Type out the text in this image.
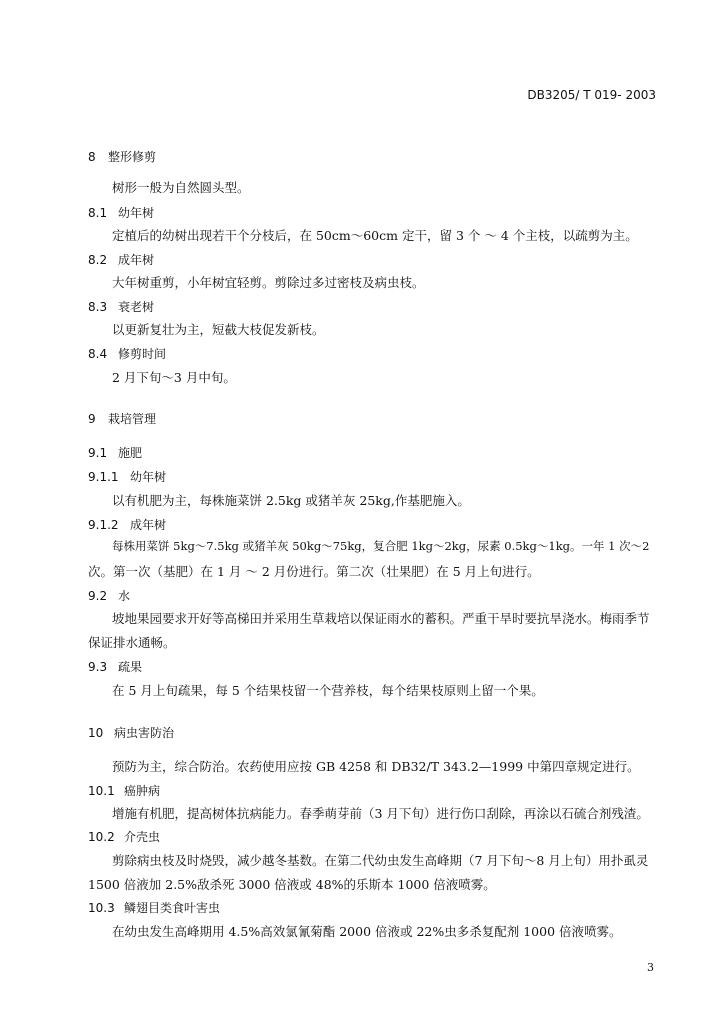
DB3205/ T 019- 2003
8 整形修剪
树形一般为自然圆头型。
8.1 幼年树
定植后的幼树出现若干个分枝后，在 50cm～60cm 定干，留 3 个 ～ 4 个主枝，以疏剪为主。
8.2 成年树
大年树重剪，小年树宜轻剪。剪除过多过密枝及病虫枝。
8.3 衰老树
以更新复壮为主，短截大枝促发新枝。
8.4 修剪时间
2 月下旬～3 月中旬。
9 栽培管理
9.1 施肥
9.1.1 幼年树
以有机肥为主，每株施菜饼 2.5kg 或猪羊灰 25kg,作基肥施入。
9.1.2 成年树
每株用菜饼 5kg～7.5kg 或猪羊灰 50kg～75kg，复合肥 1kg～2kg，尿素 0.5kg～1kg。一年 1 次～2
次。第一次（基肥）在 1 月 ～ 2 月份进行。第二次（壮果肥）在 5 月上旬进行。
9.2 水
坡地果园要求开好等高梯田并采用生草栽培以保证雨水的蓄积。严重干旱时要抗旱浇水。梅雨季节
保证排水通畅。
9.3 疏果
在 5 月上旬疏果，每 5 个结果枝留一个营养枝，每个结果枝原则上留一个果。
10 病虫害防治
预防为主，综合防治。农药使用应按 GB 4258 和 DB32/T 343.2—1999 中第四章规定进行。
10.1 癌肿病
增施有机肥，提高树体抗病能力。春季萌芽前（3 月下旬）进行伤口刮除，再涂以石硫合剂残渣。
10.2 介壳虫
剪除病虫枝及时烧毁，减少越冬基数。在第二代幼虫发生高峰期（7 月下旬～8 月上旬）用扑虱灵
1500 倍液加 2.5%敌杀死 3000 倍液或 48%的乐斯本 1000 倍液喷雾。
10.3 鳞翅目类食叶害虫
在幼虫发生高峰期用 4.5%高效氯氰菊酯 2000 倍液或 22%虫多杀复配剂 1000 倍液喷雾。
3
